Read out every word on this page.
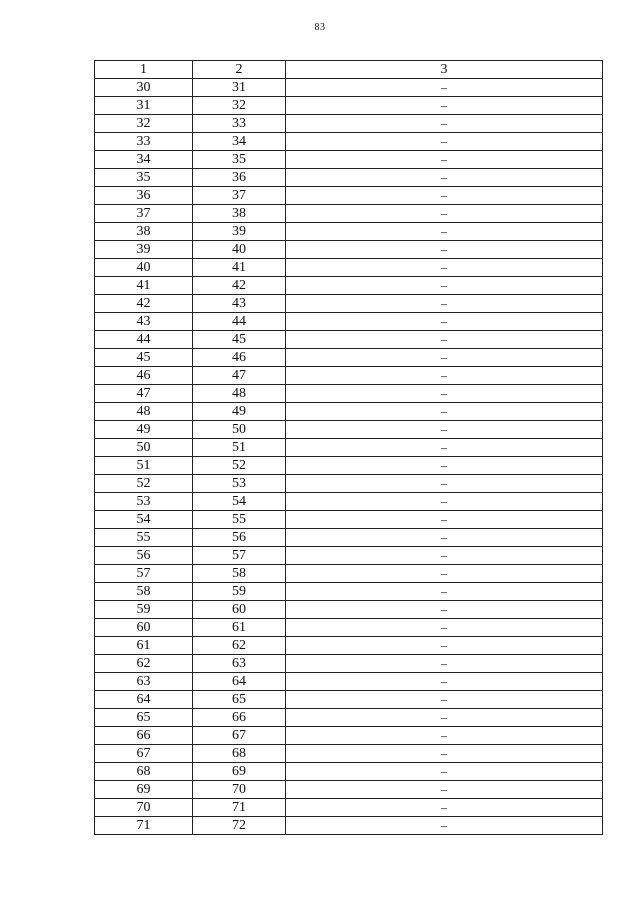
83
1	2	3
30	31	–
31	32	–
32	33	–
33	34	–
34	35	–
35	36	–
36	37	–
37	38	–
38	39	–
39	40	–
40	41	–
41	42	–
42	43	–
43	44	–
44	45	–
45	46	–
46	47	–
47	48	–
48	49	–
49	50	–
50	51	–
51	52	–
52	53	–
53	54	–
54	55	–
55	56	–
56	57	–
57	58	–
58	59	–
59	60	–
60	61	–
61	62	–
62	63	–
63	64	–
64	65	–
65	66	–
66	67	–
67	68	–
68	69	–
69	70	–
70	71	–
71	72	–
